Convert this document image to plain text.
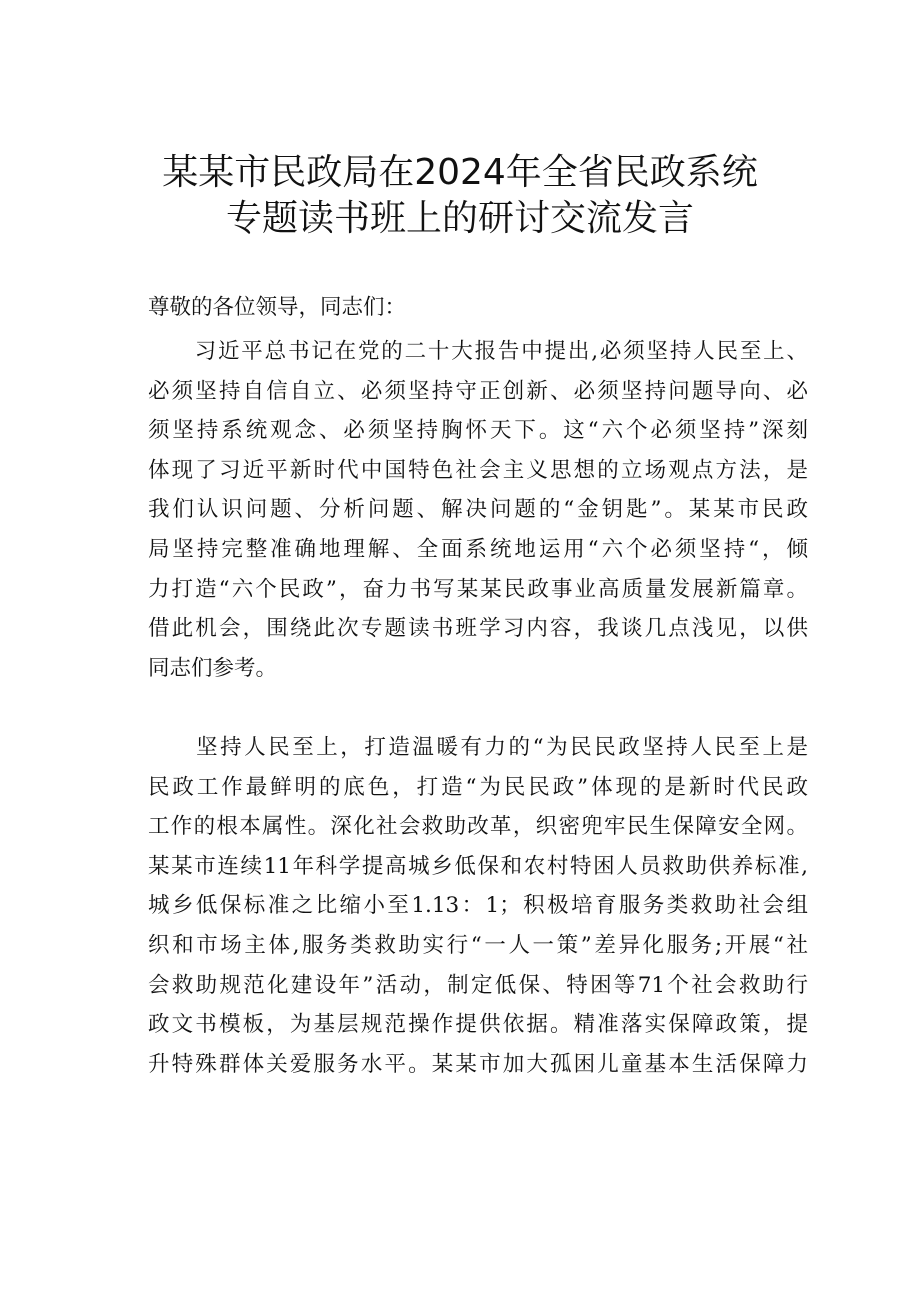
某某市民政局在2024年全省民政系统
专题读书班上的研讨交流发言
尊敬的各位领导，同志们：
　　习近平总书记在党的二十大报告中提出,必须坚持人民至上、
必须坚持自信自立、必须坚持守正创新、必须坚持问题导向、必
须坚持系统观念、必须坚持胸怀天下。这“六个必须坚持”深刻
体现了习近平新时代中国特色社会主义思想的立场观点方法，是
我们认识问题、分析问题、解决问题的“金钥匙”。某某市民政
局坚持完整准确地理解、全面系统地运用“六个必须坚持“，倾
力打造“六个民政”，奋力书写某某民政事业高质量发展新篇章。
借此机会，围绕此次专题读书班学习内容，我谈几点浅见，以供
同志们参考。
　　坚持人民至上，打造温暖有力的“为民民政坚持人民至上是
民政工作最鲜明的底色，打造“为民民政”体现的是新时代民政
工作的根本属性。深化社会救助改革，织密兜牢民生保障安全网。
某某市连续11年科学提高城乡低保和农村特困人员救助供养标准,
城乡低保标准之比缩小至1.13：1；积极培育服务类救助社会组
织和市场主体,服务类救助实行“一人一策”差异化服务;开展“社
会救助规范化建设年”活动，制定低保、特困等71个社会救助行
政文书模板，为基层规范操作提供依据。精准落实保障政策，提
升特殊群体关爱服务水平。某某市加大孤困儿童基本生活保障力
